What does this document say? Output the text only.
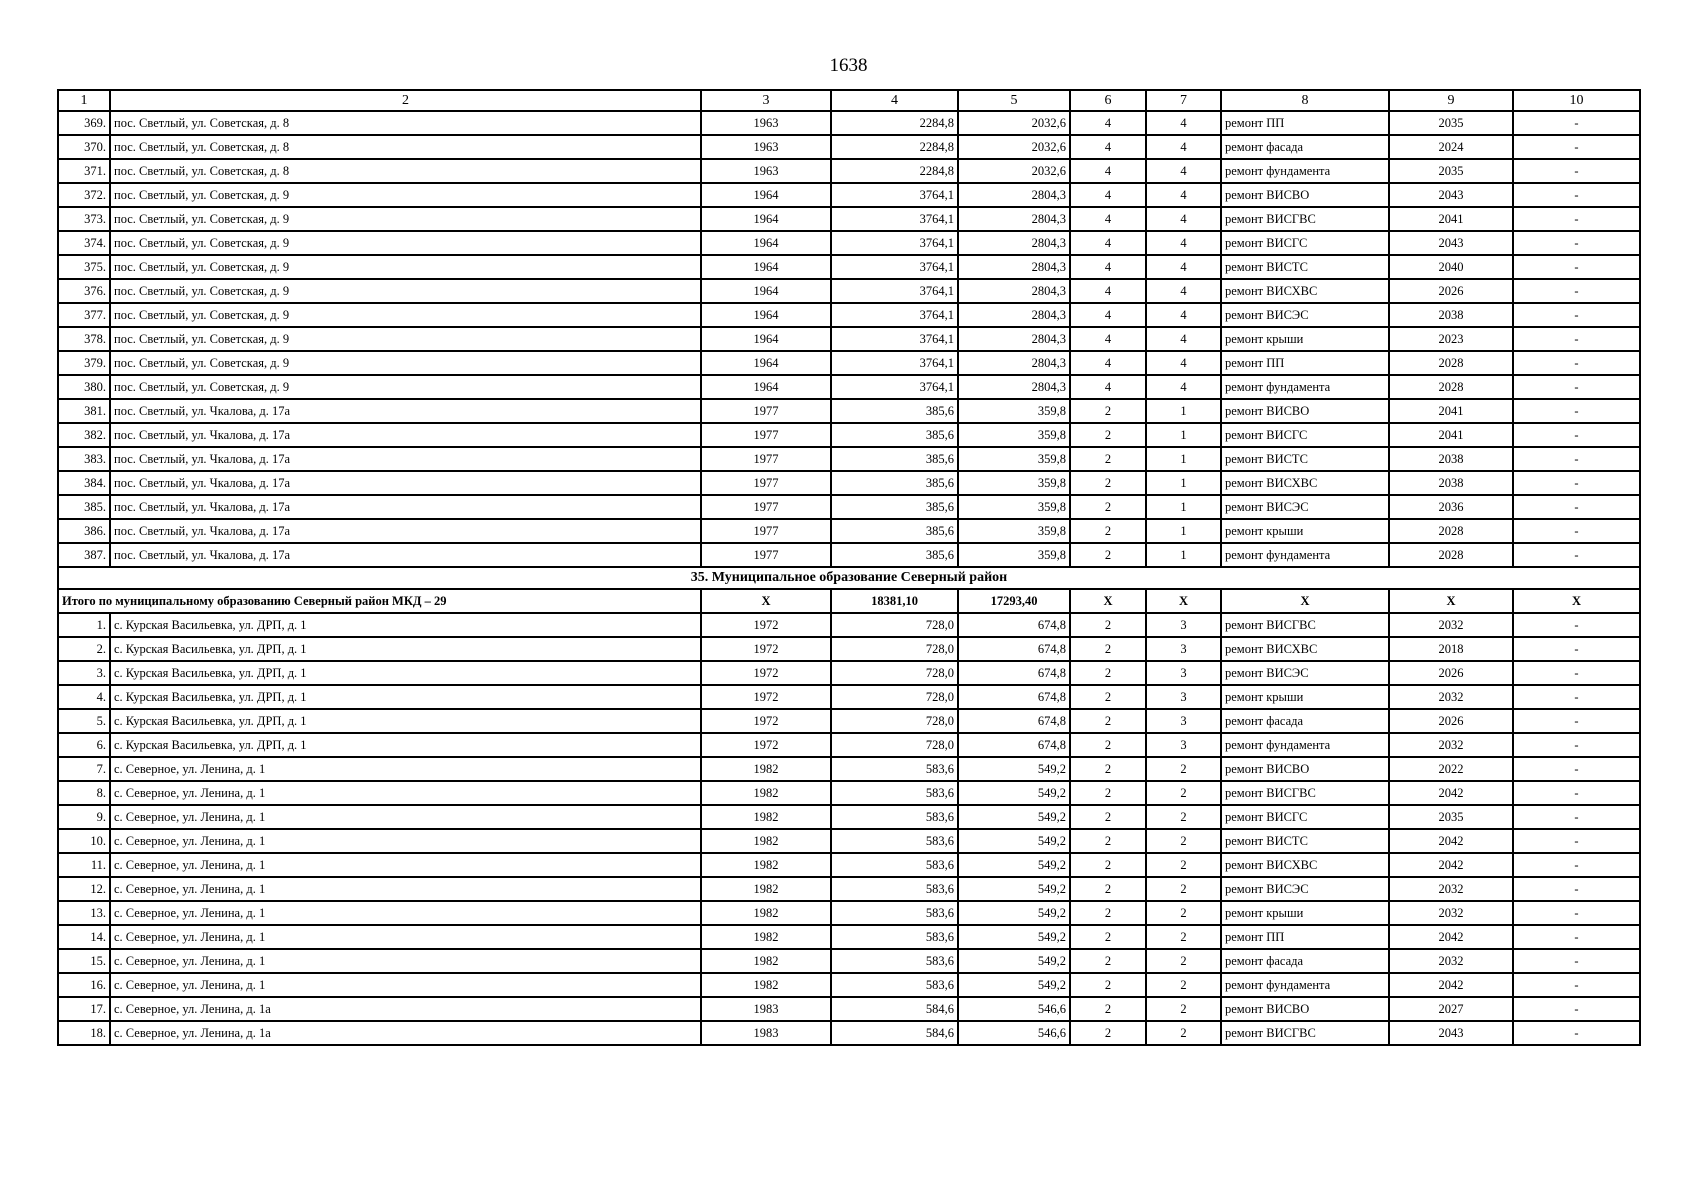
1638
1	2	3	4	5	6	7	8	9	10
369.	пос. Светлый, ул. Советская, д. 8	1963	2284,8	2032,6	4	4	ремонт ПП	2035	-
370.	пос. Светлый, ул. Советская, д. 8	1963	2284,8	2032,6	4	4	ремонт фасада	2024	-
371.	пос. Светлый, ул. Советская, д. 8	1963	2284,8	2032,6	4	4	ремонт фундамента	2035	-
372.	пос. Светлый, ул. Советская, д. 9	1964	3764,1	2804,3	4	4	ремонт ВИСВО	2043	-
373.	пос. Светлый, ул. Советская, д. 9	1964	3764,1	2804,3	4	4	ремонт ВИСГВС	2041	-
374.	пос. Светлый, ул. Советская, д. 9	1964	3764,1	2804,3	4	4	ремонт ВИСГС	2043	-
375.	пос. Светлый, ул. Советская, д. 9	1964	3764,1	2804,3	4	4	ремонт ВИСТС	2040	-
376.	пос. Светлый, ул. Советская, д. 9	1964	3764,1	2804,3	4	4	ремонт ВИСХВС	2026	-
377.	пос. Светлый, ул. Советская, д. 9	1964	3764,1	2804,3	4	4	ремонт ВИСЭС	2038	-
378.	пос. Светлый, ул. Советская, д. 9	1964	3764,1	2804,3	4	4	ремонт крыши	2023	-
379.	пос. Светлый, ул. Советская, д. 9	1964	3764,1	2804,3	4	4	ремонт ПП	2028	-
380.	пос. Светлый, ул. Советская, д. 9	1964	3764,1	2804,3	4	4	ремонт фундамента	2028	-
381.	пос. Светлый, ул. Чкалова, д. 17а	1977	385,6	359,8	2	1	ремонт ВИСВО	2041	-
382.	пос. Светлый, ул. Чкалова, д. 17а	1977	385,6	359,8	2	1	ремонт ВИСГС	2041	-
383.	пос. Светлый, ул. Чкалова, д. 17а	1977	385,6	359,8	2	1	ремонт ВИСТС	2038	-
384.	пос. Светлый, ул. Чкалова, д. 17а	1977	385,6	359,8	2	1	ремонт ВИСХВС	2038	-
385.	пос. Светлый, ул. Чкалова, д. 17а	1977	385,6	359,8	2	1	ремонт ВИСЭС	2036	-
386.	пос. Светлый, ул. Чкалова, д. 17а	1977	385,6	359,8	2	1	ремонт крыши	2028	-
387.	пос. Светлый, ул. Чкалова, д. 17а	1977	385,6	359,8	2	1	ремонт фундамента	2028	-
35. Муниципальное образование Северный район									
Итого по муниципальному образованию Северный район МКД – 29		X	18381,10	17293,40	X	X	X	X	X
1.	с. Курская Васильевка, ул. ДРП, д. 1	1972	728,0	674,8	2	3	ремонт ВИСГВС	2032	-
2.	с. Курская Васильевка, ул. ДРП, д. 1	1972	728,0	674,8	2	3	ремонт ВИСХВС	2018	-
3.	с. Курская Васильевка, ул. ДРП, д. 1	1972	728,0	674,8	2	3	ремонт ВИСЭС	2026	-
4.	с. Курская Васильевка, ул. ДРП, д. 1	1972	728,0	674,8	2	3	ремонт крыши	2032	-
5.	с. Курская Васильевка, ул. ДРП, д. 1	1972	728,0	674,8	2	3	ремонт фасада	2026	-
6.	с. Курская Васильевка, ул. ДРП, д. 1	1972	728,0	674,8	2	3	ремонт фундамента	2032	-
7.	с. Северное, ул. Ленина, д. 1	1982	583,6	549,2	2	2	ремонт ВИСВО	2022	-
8.	с. Северное, ул. Ленина, д. 1	1982	583,6	549,2	2	2	ремонт ВИСГВС	2042	-
9.	с. Северное, ул. Ленина, д. 1	1982	583,6	549,2	2	2	ремонт ВИСГС	2035	-
10.	с. Северное, ул. Ленина, д. 1	1982	583,6	549,2	2	2	ремонт ВИСТС	2042	-
11.	с. Северное, ул. Ленина, д. 1	1982	583,6	549,2	2	2	ремонт ВИСХВС	2042	-
12.	с. Северное, ул. Ленина, д. 1	1982	583,6	549,2	2	2	ремонт ВИСЭС	2032	-
13.	с. Северное, ул. Ленина, д. 1	1982	583,6	549,2	2	2	ремонт крыши	2032	-
14.	с. Северное, ул. Ленина, д. 1	1982	583,6	549,2	2	2	ремонт ПП	2042	-
15.	с. Северное, ул. Ленина, д. 1	1982	583,6	549,2	2	2	ремонт фасада	2032	-
16.	с. Северное, ул. Ленина, д. 1	1982	583,6	549,2	2	2	ремонт фундамента	2042	-
17.	с. Северное, ул. Ленина, д. 1а	1983	584,6	546,6	2	2	ремонт ВИСВО	2027	-
18.	с. Северное, ул. Ленина, д. 1а	1983	584,6	546,6	2	2	ремонт ВИСГВС	2043	-
